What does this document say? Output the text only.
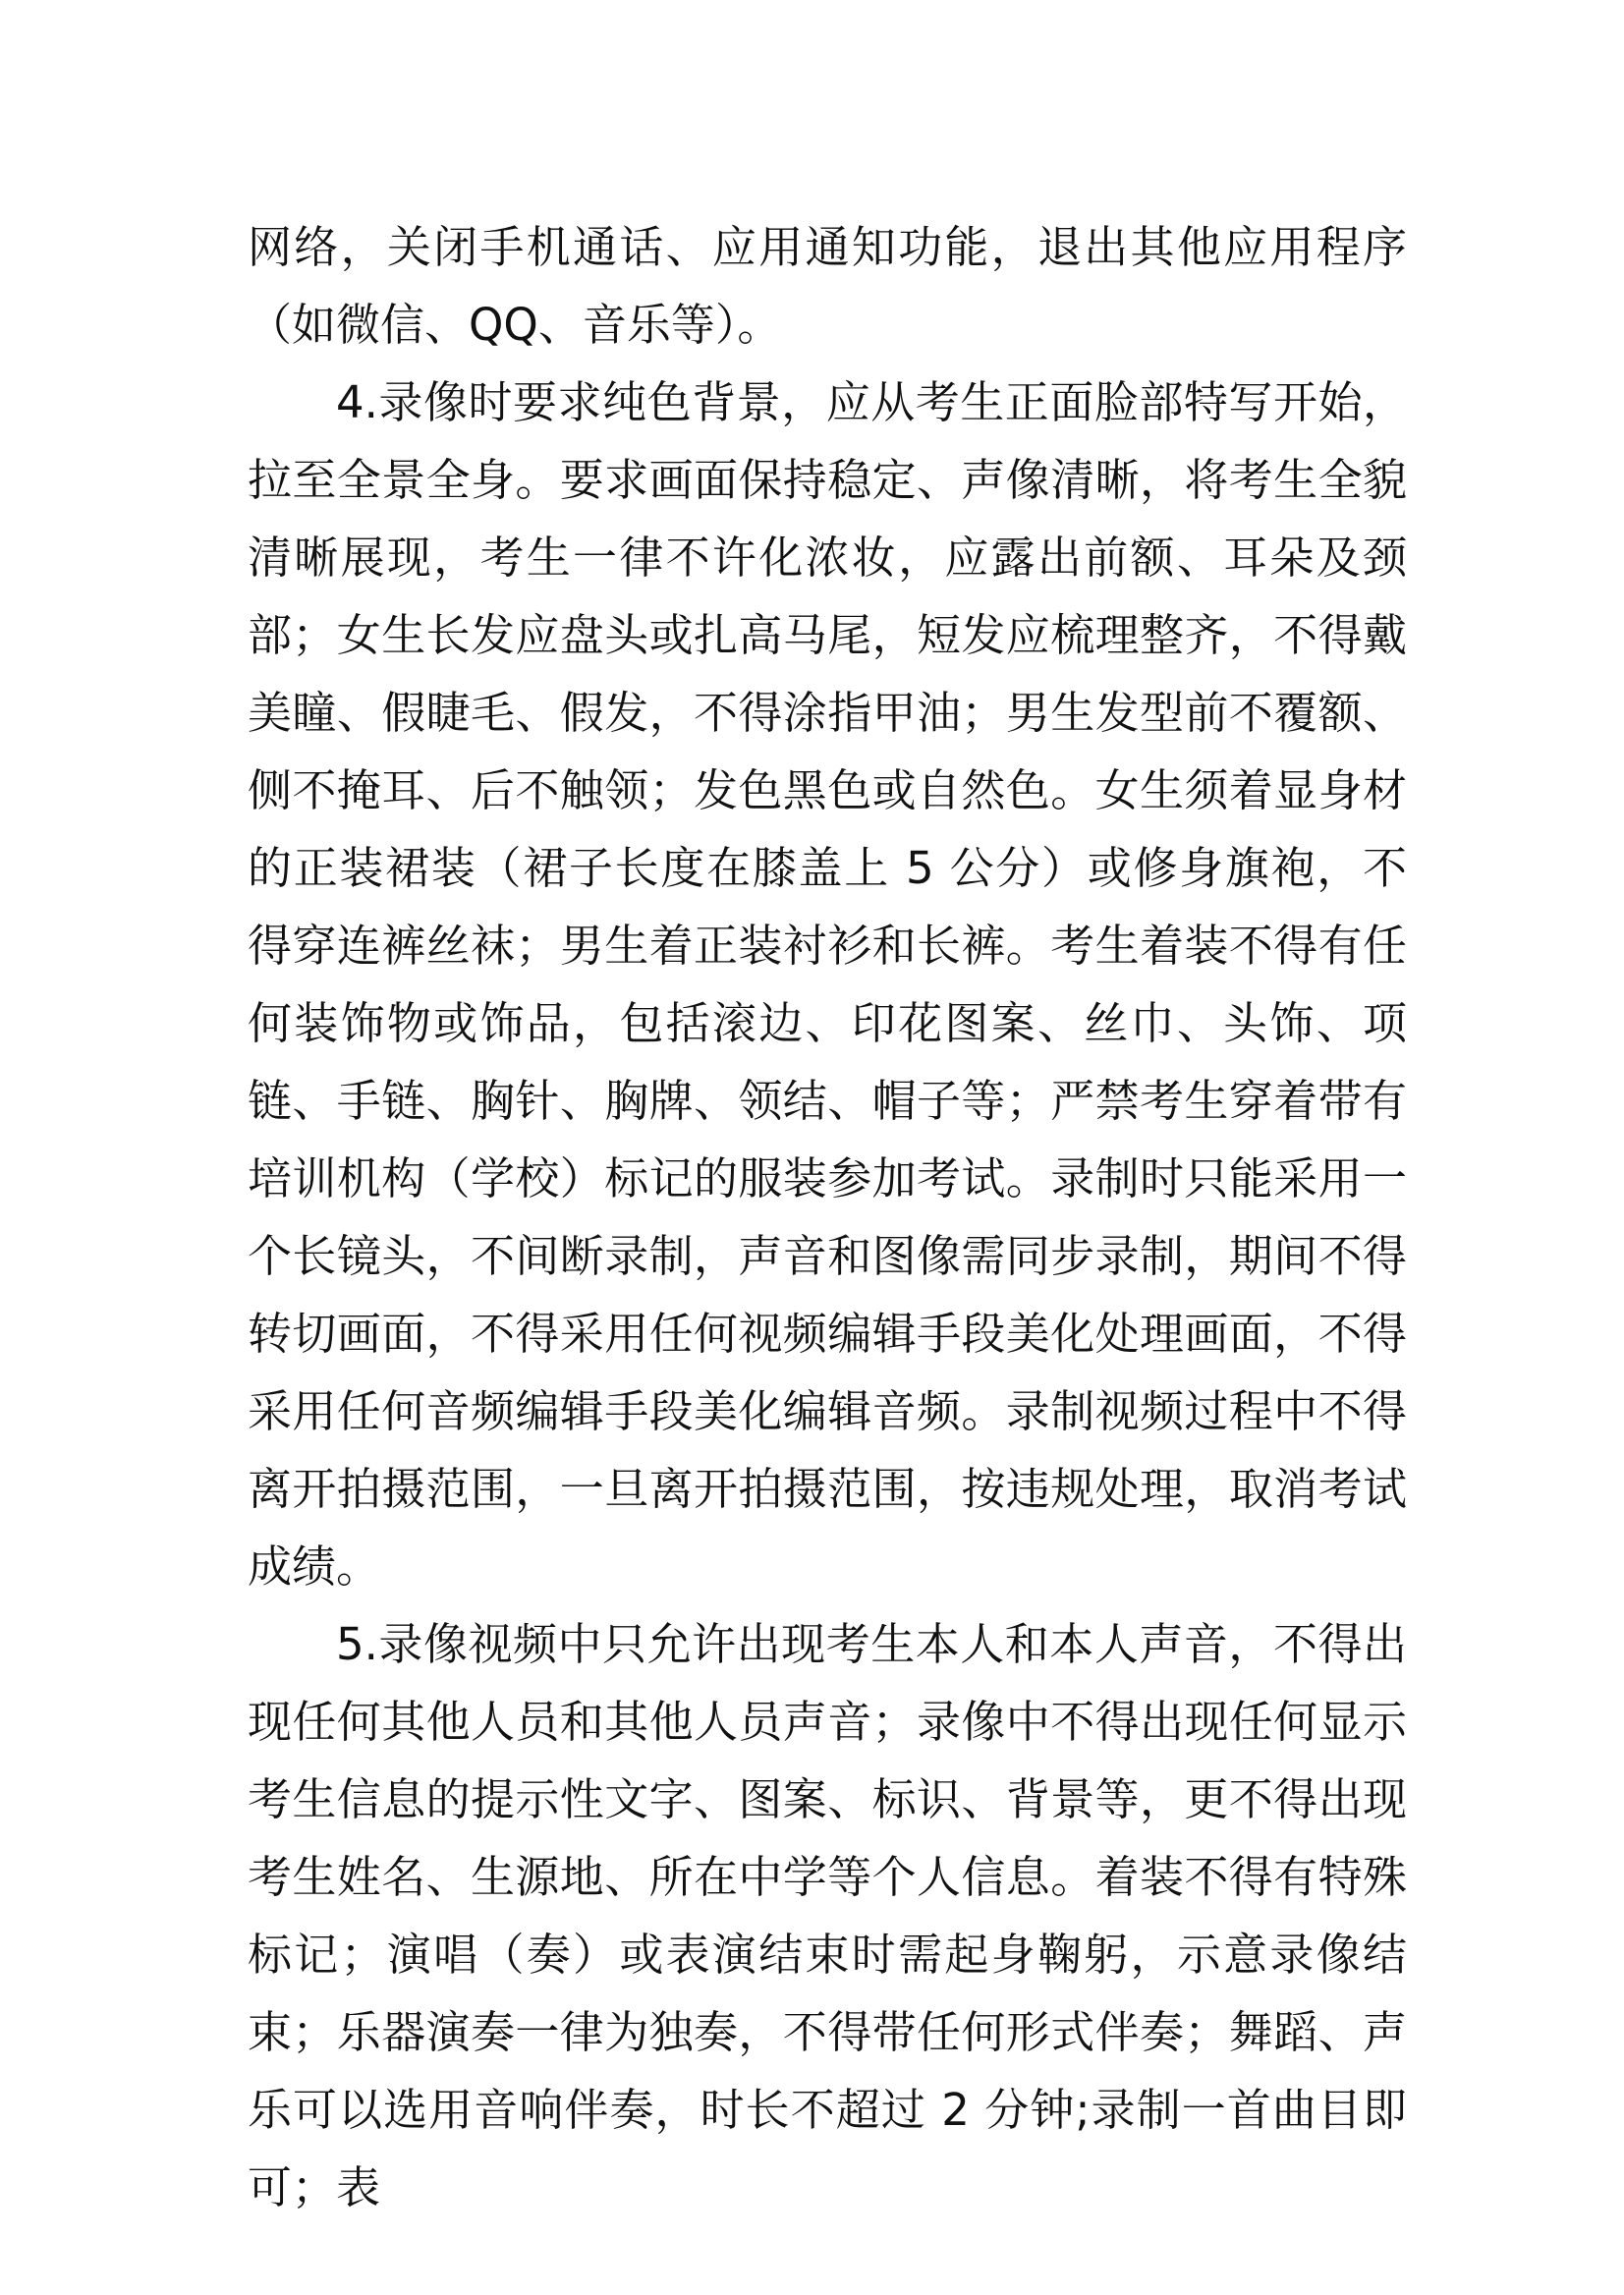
网络，关闭手机通话、应用通知功能，退出其他应用程序（如微信、QQ、音乐等）。

4.录像时要求纯色背景，应从考生正面脸部特写开始，拉至全景全身。要求画面保持稳定、声像清晰，将考生全貌清晰展现，考生一律不许化浓妆，应露出前额、耳朵及颈部；女生长发应盘头或扎高马尾，短发应梳理整齐，不得戴美瞳、假睫毛、假发，不得涂指甲油；男生发型前不覆额、侧不掩耳、后不触领；发色黑色或自然色。女生须着显身材的正装裙装（裙子长度在膝盖上 5 公分）或修身旗袍，不得穿连裤丝袜；男生着正装衬衫和长裤。考生着装不得有任何装饰物或饰品，包括滚边、印花图案、丝巾、头饰、项链、手链、胸针、胸牌、领结、帽子等；严禁考生穿着带有培训机构（学校）标记的服装参加考试。录制时只能采用一个长镜头，不间断录制，声音和图像需同步录制，期间不得转切画面，不得采用任何视频编辑手段美化处理画面，不得采用任何音频编辑手段美化编辑音频。录制视频过程中不得离开拍摄范围，一旦离开拍摄范围，按违规处理，取消考试成绩。

5.录像视频中只允许出现考生本人和本人声音，不得出现任何其他人员和其他人员声音；录像中不得出现任何显示考生信息的提示性文字、图案、标识、背景等，更不得出现考生姓名、生源地、所在中学等个人信息。着装不得有特殊标记；演唱（奏）或表演结束时需起身鞠躬，示意录像结束；乐器演奏一律为独奏，不得带任何形式伴奏；舞蹈、声乐可以选用音响伴奏，时长不超过 2 分钟;录制一首曲目即可；表
